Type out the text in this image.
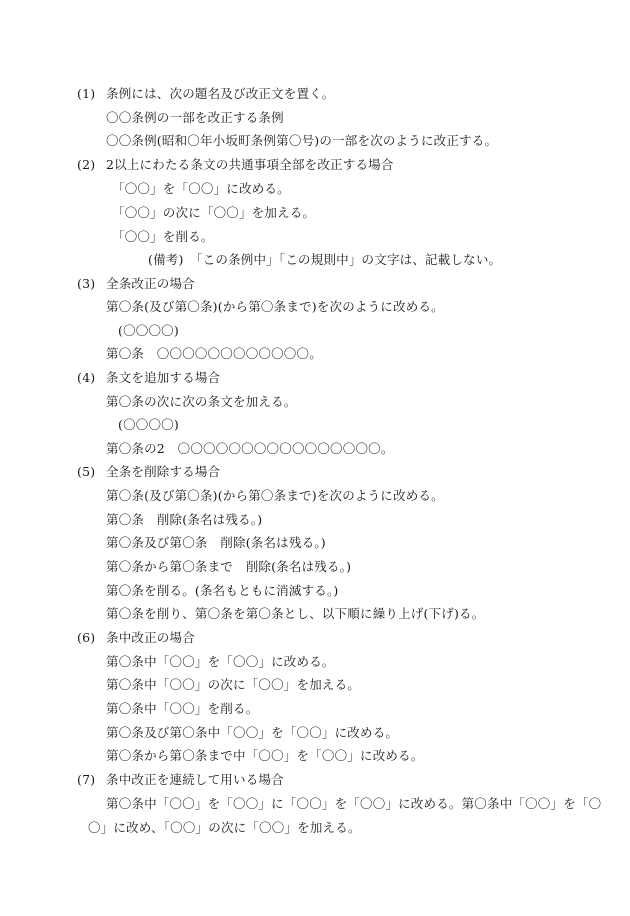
(1) 条例には、次の題名及び改正文を置く。
〇〇条例の一部を改正する条例
〇〇条例(昭和〇年小坂町条例第〇号)の一部を次のように改正する。
(2) 2以上にわたる条文の共通事項全部を改正する場合
「〇〇」を「〇〇」に改める。
「〇〇」の次に「〇〇」を加える。
「〇〇」を削る。
(備考)　「この条例中」「この規則中」の文字は、記載しない。
(3) 全条改正の場合
第〇条(及び第〇条)(から第〇条まで)を次のように改める。
(〇〇〇〇)
第〇条　〇〇〇〇〇〇〇〇〇〇〇〇。
(4) 条文を追加する場合
第〇条の次に次の条文を加える。
(〇〇〇〇)
第〇条の2　〇〇〇〇〇〇〇〇〇〇〇〇〇〇〇〇。
(5) 全条を削除する場合
第〇条(及び第〇条)(から第〇条まで)を次のように改める。
第〇条　削除(条名は残る。)
第〇条及び第〇条　削除(条名は残る。)
第〇条から第〇条まで　削除(条名は残る。)
第〇条を削る。(条名もともに消滅する。)
第〇条を削り、第〇条を第〇条とし、以下順に繰り上げ(下げ)る。
(6) 条中改正の場合
第〇条中「〇〇」を「〇〇」に改める。
第〇条中「〇〇」の次に「〇〇」を加える。
第〇条中「〇〇」を削る。
第〇条及び第〇条中「〇〇」を「〇〇」に改める。
第〇条から第〇条まで中「〇〇」を「〇〇」に改める。
(7) 条中改正を連続して用いる場合
第〇条中「〇〇」を「〇〇」に「〇〇」を「〇〇」に改める。第〇条中「〇〇」を「〇
〇」に改め、「〇〇」の次に「〇〇」を加える。
